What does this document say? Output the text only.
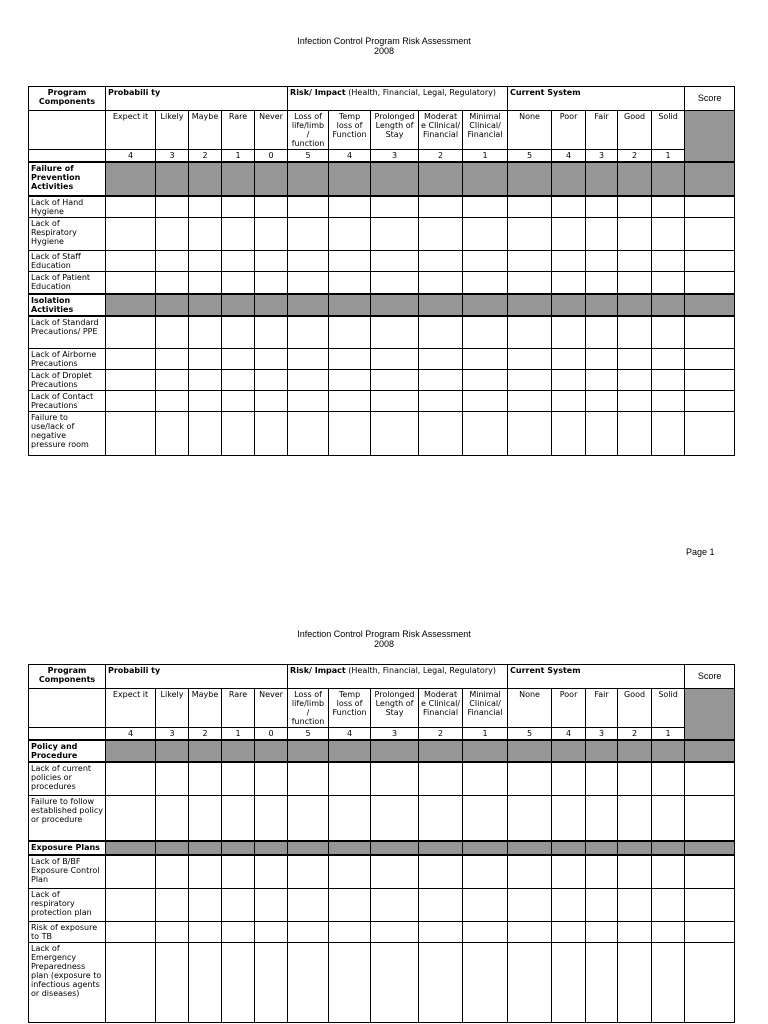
Infection Control Program Risk Assessment
2008
Program Components	Probabili ty					Risk/ Impact (Health, Financial, Legal, Regulatory)					Current System					Score
	Expect it	Likely	Maybe	Rare	Never	Loss of life/limb / function	Temp loss of Function	Prolonged Length of Stay	Moderat e Clinical/ Financial	Minimal Clinical/ Financial	None	Poor	Fair	Good	Solid	
	4	3	2	1	0	5	4	3	2	1	5	4	3	2	1	
Failure of Prevention Activities																
Lack of Hand Hygiene																
Lack of Respiratory Hygiene																
Lack of Staff Education																
Lack of Patient Education																
Isolation Activities																
Lack of Standard Precautions/ PPE																
Lack of Airborne Precautions																
Lack of Droplet Precautions																
Lack of Contact Precautions																
Failure to use/lack of negative pressure room																
Page 1
Infection Control Program Risk Assessment
2008
Program Components	Probabili ty					Risk/ Impact (Health, Financial, Legal, Regulatory)					Current System					Score
	Expect it	Likely	Maybe	Rare	Never	Loss of life/limb / function	Temp loss of Function	Prolonged Length of Stay	Moderat e Clinical/ Financial	Minimal Clinical/ Financial	None	Poor	Fair	Good	Solid	
	4	3	2	1	0	5	4	3	2	1	5	4	3	2	1	
Policy and Procedure																
Lack of current policies or procedures																
Failure to follow established policy or procedure																
Exposure Plans																
Lack of B/BF Exposure Control Plan																
Lack of respiratory protection plan																
Risk of exposure to TB																
Lack of Emergency Preparedness plan (exposure to infectious agents or diseases)																
